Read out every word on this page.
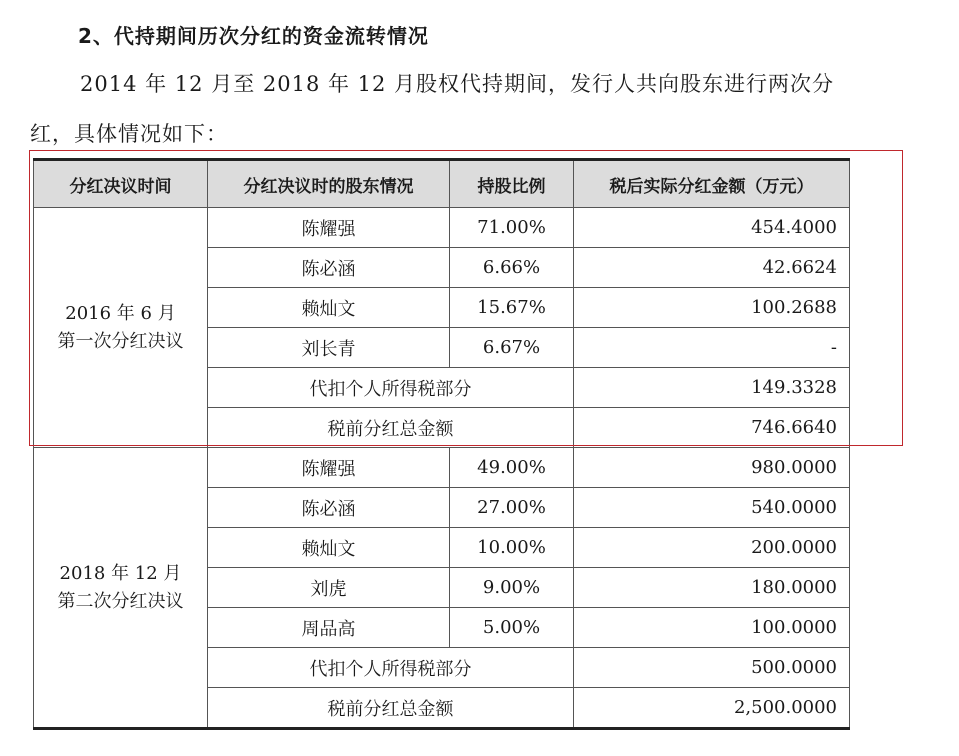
2、代持期间历次分红的资金流转情况
2014 年 12 月至 2018 年 12 月股权代持期间，发行人共向股东进行两次分
红，具体情况如下：
分红决议时间	分红决议时的股东情况	持股比例	税后实际分红金额（万元）

2016 年 6 月
第一次分红决议	陈耀强	71.00%	454.4000
	陈必涵	6.66%	42.6624
	赖灿文	15.67%	100.2688
	刘长青	6.67%	-
	代扣个人所得税部分		149.3328
	税前分红总金额		746.6640

2018 年 12 月
第二次分红决议	陈耀强	49.00%	980.0000
	陈必涵	27.00%	540.0000
	赖灿文	10.00%	200.0000
	刘虎	9.00%	180.0000
	周品高	5.00%	100.0000
	代扣个人所得税部分		500.0000
	税前分红总金额		2,500.0000
